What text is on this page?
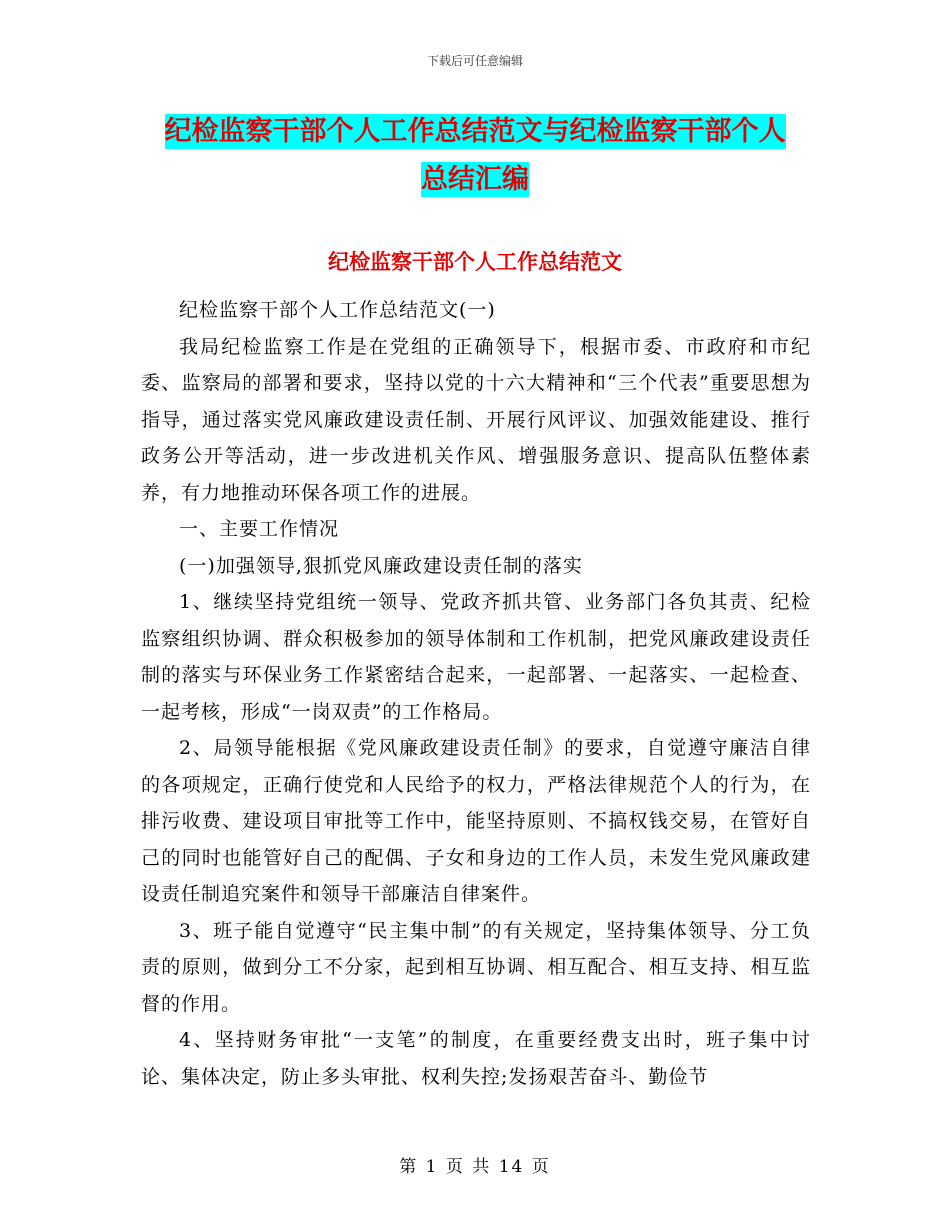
下载后可任意编辑
纪检监察干部个人工作总结范文与纪检监察干部个人
总结汇编
纪检监察干部个人工作总结范文

纪检监察干部个人工作总结范文(一)

我局纪检监察工作是在党组的正确领导下，根据市委、市政府和市纪委、监察局的部署和要求，坚持以党的十六大精神和“三个代表”重要思想为指导，通过落实党风廉政建设责任制、开展行风评议、加强效能建设、推行政务公开等活动，进一步改进机关作风、增强服务意识、提高队伍整体素养，有力地推动环保各项工作的进展。

一、主要工作情况

(一)加强领导,狠抓党风廉政建设责任制的落实

1、继续坚持党组统一领导、党政齐抓共管、业务部门各负其责、纪检监察组织协调、群众积极参加的领导体制和工作机制，把党风廉政建设责任制的落实与环保业务工作紧密结合起来，一起部署、一起落实、一起检查、一起考核，形成“一岗双责”的工作格局。

2、局领导能根据《党风廉政建设责任制》的要求，自觉遵守廉洁自律的各项规定，正确行使党和人民给予的权力，严格法律规范个人的行为，在排污收费、建设项目审批等工作中，能坚持原则、不搞权钱交易，在管好自己的同时也能管好自己的配偶、子女和身边的工作人员，未发生党风廉政建设责任制追究案件和领导干部廉洁自律案件。

3、班子能自觉遵守“民主集中制”的有关规定，坚持集体领导、分工负责的原则，做到分工不分家，起到相互协调、相互配合、相互支持、相互监督的作用。

4、坚持财务审批“一支笔”的制度，在重要经费支出时，班子集中讨论、集体决定，防止多头审批、权利失控;发扬艰苦奋斗、勤俭节

第 1 页 共 14 页
